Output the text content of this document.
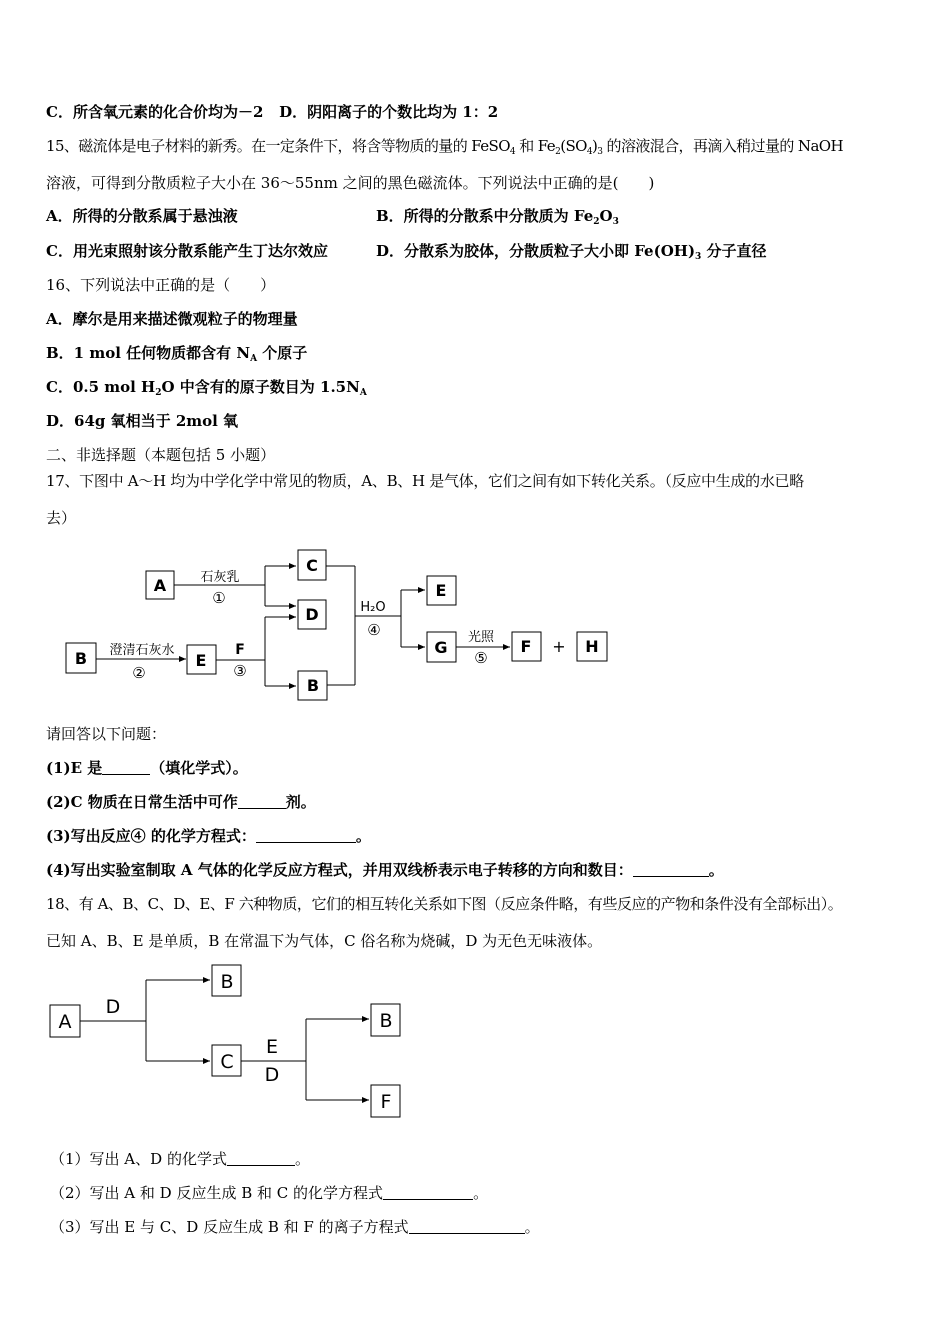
C．所含氧元素的化合价均为－2 D．阴阳离子的个数比均为 1：2
15、磁流体是电子材料的新秀。在一定条件下，将含等物质的量的 FeSO$_4$ 和 $Fe_2(SO_4)_3$ 的溶液混合，再滴入稍过量的 NaOH
溶液，可得到分散质粒子大小在 36～55nm 之间的黑色磁流体。下列说法中正确的是(　　)
A．所得的分散系属于悬浊液	B．所得的分散系中分散质为 $Fe_2O_3$
C．用光束照射该分散系能产生丁达尔效应	D．分散系为胶体，分散质粒子大小即 $Fe(OH)_3$ 分子直径
16、下列说法中正确的是（　　）
A．摩尔是用来描述微观粒子的物理量
B．1 mol 任何物质都含有 $N_A$ 个原子
C．0.5 mol $H_2O$ 中含有的原子数目为 $1.5N_A$
D．64g 氧相当于 2mol 氧
二、非选择题（本题包括 5 小题）
17、下图中 A～H 均为中学化学中常见的物质，A、B、H 是气体，它们之间有如下转化关系。（反应中生成的水已略
去）
A
B	E
C
D
B
E
G	F	H
+
石灰乳
①
澄清石灰水
②
F
③
H₂O
④	光照
⑤
A
B
C
B
F
D
E
D
请回答以下问题：
(1)E 是	（填化学式）。
(2)C 物质在日常生活中可作	剂。
(3)写出反应④ 的化学方程式：	。
(4)写出实验室制取 A 气体的化学反应方程式，并用双线桥表示电子转移的方向和数目：	。
18、有 A、B、C、D、E、F 六种物质，它们的相互转化关系如下图（反应条件略，有些反应的产物和条件没有全部标出）。
已知 A、B、E 是单质，B 在常温下为气体，C 俗名称为烧碱，D 为无色无味液体。
（1）写出 A、D 的化学式	。
（2）写出 A 和 D 反应生成 B 和 C 的化学方程式	。
（3）写出 E 与 C、D 反应生成 B 和 F 的离子方程式	。
